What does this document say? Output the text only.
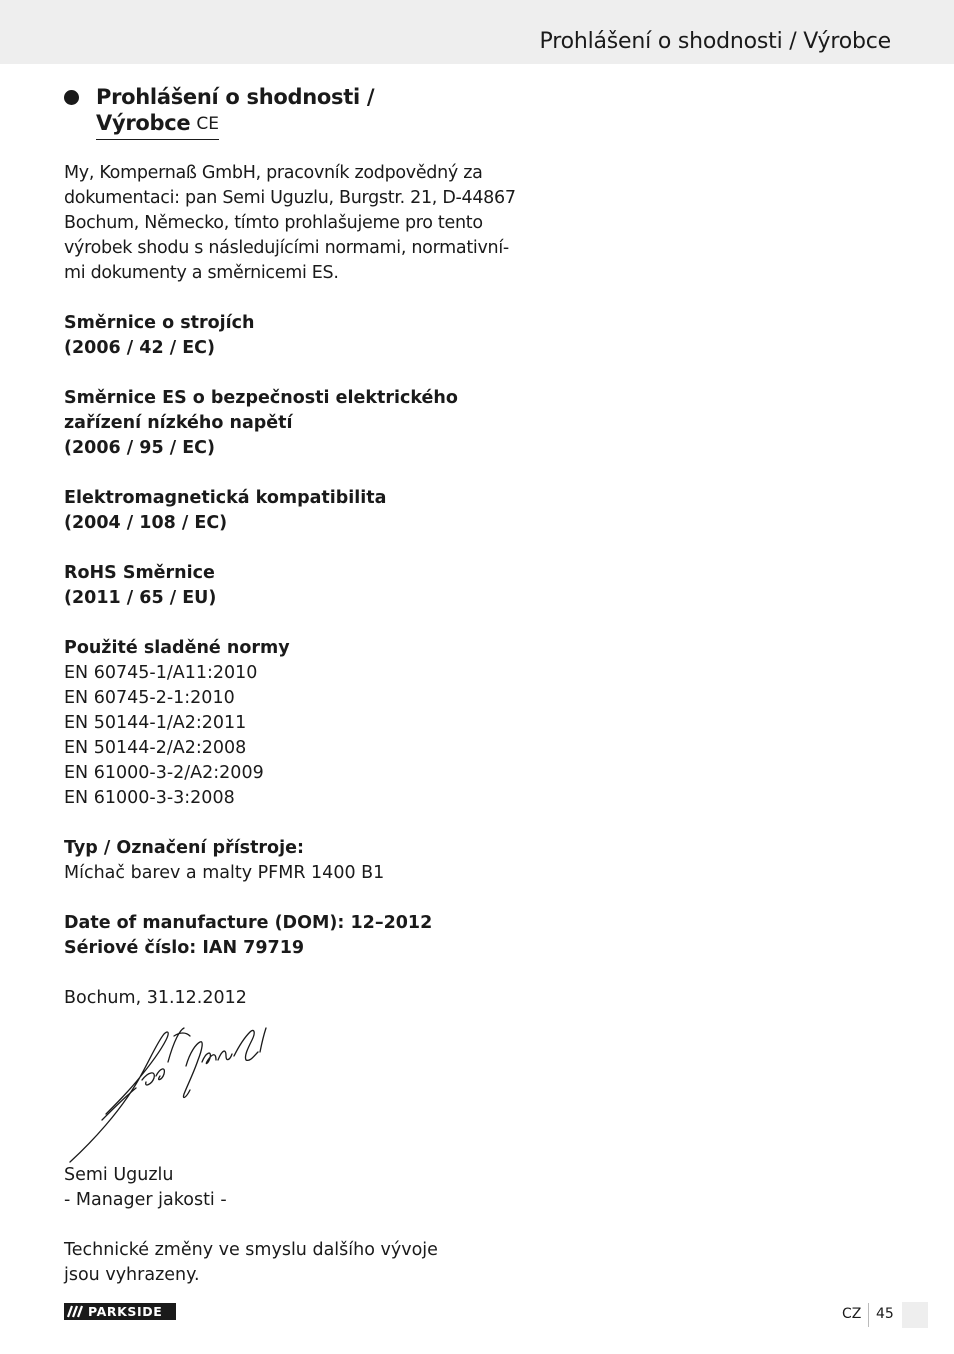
Prohlášení o shodnosti / Výrobce
Prohlášení o shodnosti /
Výrobce CE

My, Kompernaß GmbH, pracovník zodpovědný za
dokumentaci: pan Semi Uguzlu, Burgstr. 21, D-44867
Bochum, Německo, tímto prohlašujeme pro tento
výrobek shodu s následujícími normami, normativní-
mi dokumenty a směrnicemi ES.

Směrnice o strojích
(2006 / 42 / EC)

Směrnice ES o bezpečnosti elektrického
zařízení nízkého napětí
(2006 / 95 / EC)

Elektromagnetická kompatibilita
(2004 / 108 / EC)

RoHS Směrnice
(2011 / 65 / EU)

Použité sladěné normy
EN 60745-1/A11:2010
EN 60745-2-1:2010
EN 50144-1/A2:2011
EN 50144-2/A2:2008
EN 61000-3-2/A2:2009
EN 61000-3-3:2008

Typ / Označení přístroje:
Míchač barev a malty PFMR 1400 B1

Date of manufacture (DOM): 12–2012
Sériové číslo: IAN 79719

Bochum, 31.12.2012

Semi Uguzlu
- Manager jakosti -

Technické změny ve smyslu dalšího vývoje
jsou vyhrazeny.

PARKSIDE	CZ 45
